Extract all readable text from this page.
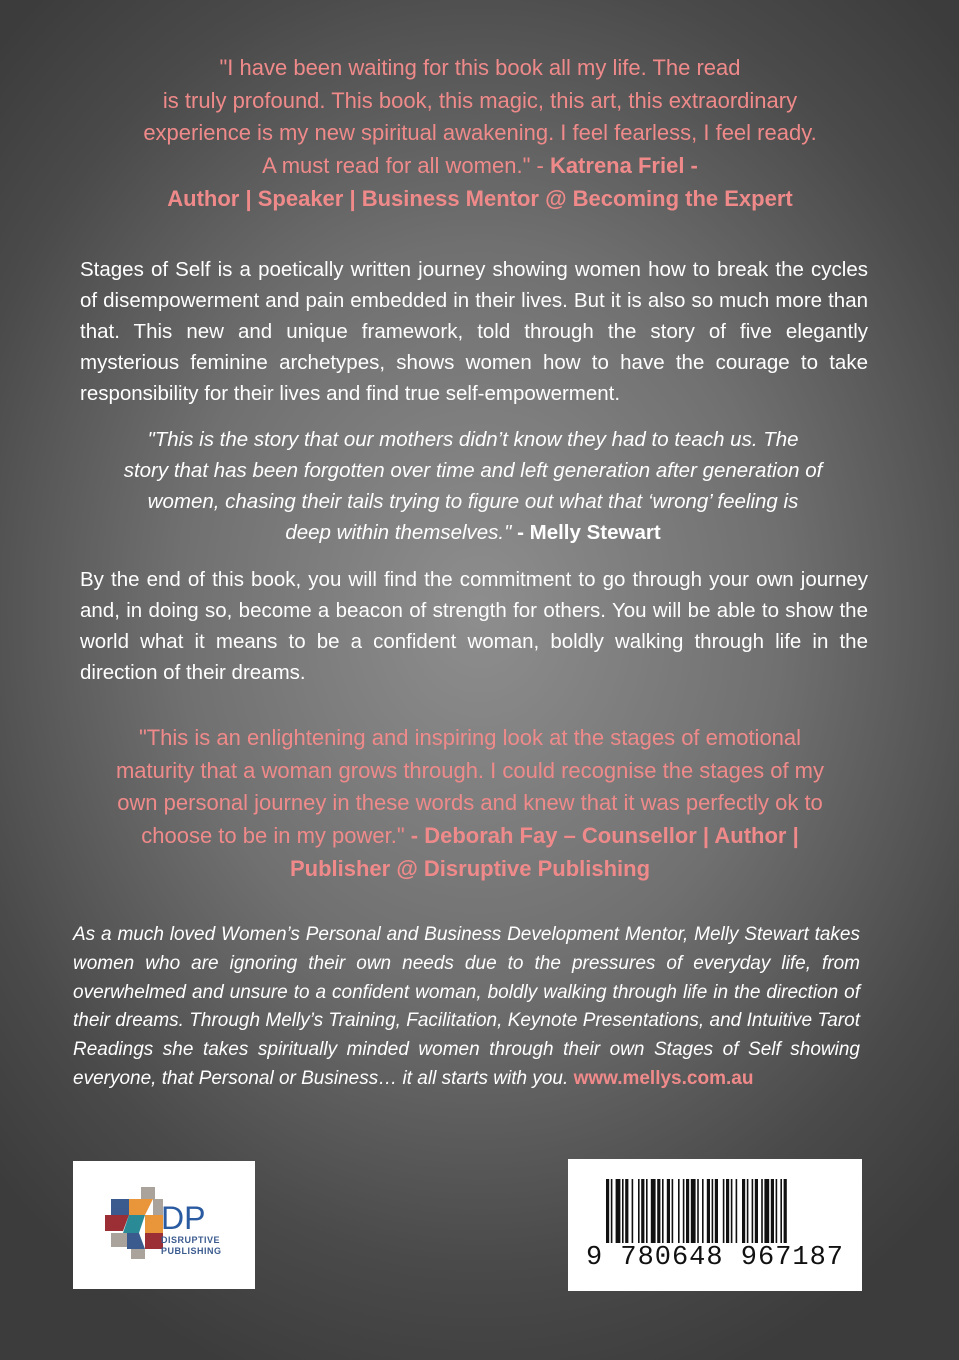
"I have been waiting for this book all my life. The read
is truly profound. This book, this magic, this art, this extraordinary
experience is my new spiritual awakening. I feel fearless, I feel ready.
A must read for all women." - Katrena Friel -
Author | Speaker | Business Mentor @ Becoming the Expert
Stages of Self is a poetically written journey showing women how to break the cycles of disempowerment and pain embedded in their lives. But it is also so much more than that. This new and unique framework, told through the story of five elegantly mysterious feminine archetypes, shows women how to have the courage to take responsibility for their lives and find true self-empowerment.
"This is the story that our mothers didn’t know they had to teach us. The
story that has been forgotten over time and left generation after generation of
women, chasing their tails trying to figure out what that ‘wrong’ feeling is
deep within themselves." - Melly Stewart
By the end of this book, you will find the commitment to go through your own journey and, in doing so, become a beacon of strength for others. You will be able to show the world what it means to be a confident woman, boldly walking through life in the direction of their dreams.
"This is an enlightening and inspiring look at the stages of emotional
maturity that a woman grows through. I could recognise the stages of my
own personal journey in these words and knew that it was perfectly ok to
choose to be in my power." - Deborah Fay – Counsellor | Author |
Publisher @ Disruptive Publishing
As a much loved Women’s Personal and Business Development Mentor, Melly Stewart takes women who are ignoring their own needs due to the pressures of everyday life, from overwhelmed and unsure to a confident woman, boldly walking through life in the direction of their dreams. Through Melly’s Training, Facilitation, Keynote Presentations, and Intuitive Tarot Readings she takes spiritually minded women through their own Stages of Self showing everyone, that Personal or Business… it all starts with you. www.mellys.com.au
DP
DISRUPTIVE
PUBLISHING	9 780648 967187
